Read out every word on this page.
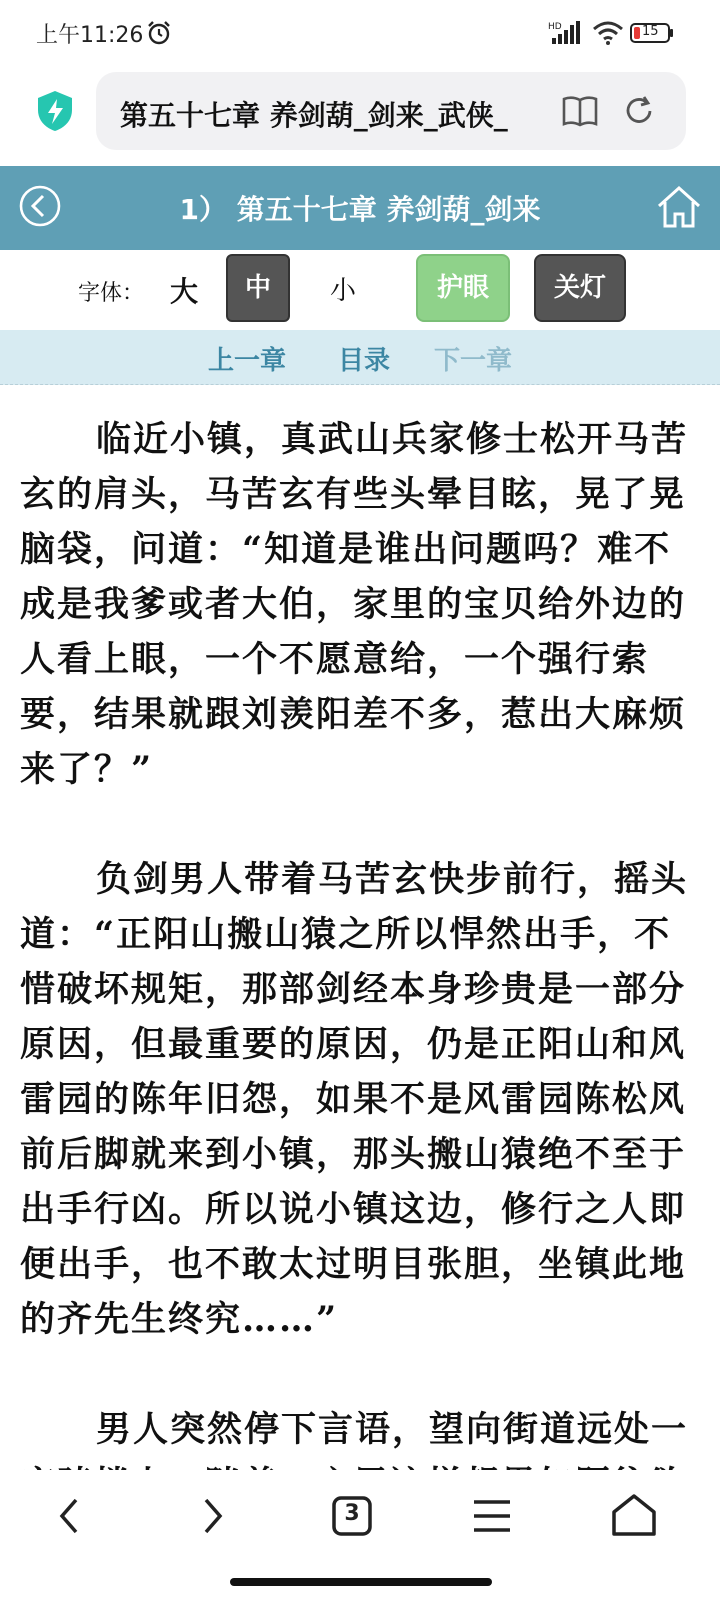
上午11:26	HD	15
第五十七章 养剑葫_剑来_武侠_
1） 第五十七章 养剑葫_剑来
字体： 大	中	小	护眼	关灯
上一章 目录 下一章

临近小镇，真武山兵家修士松开马苦玄的肩头，马苦玄有些头晕目眩，晃了晃脑袋，问道：“知道是谁出问题吗？难不成是我爹或者大伯，家里的宝贝给外边的人看上眼，一个不愿意给，一个强行索要，结果就跟刘羡阳差不多，惹出大麻烦来了？”

负剑男人带着马苦玄快步前行，摇头道：“正阳山搬山猿之所以悍然出手，不惜破坏规矩，那部剑经本身珍贵是一部分原因，但最重要的原因，仍是正阳山和风雷园的陈年旧怨，如果不是风雷园陈松风前后脚就来到小镇，那头搬山猿绝不至于出手行凶。所以说小镇这边，修行之人即便出手，也不敢太过明目张胆，坐镇此地的齐先生终究……”

男人突然停下言语，望向街道远处一

3
